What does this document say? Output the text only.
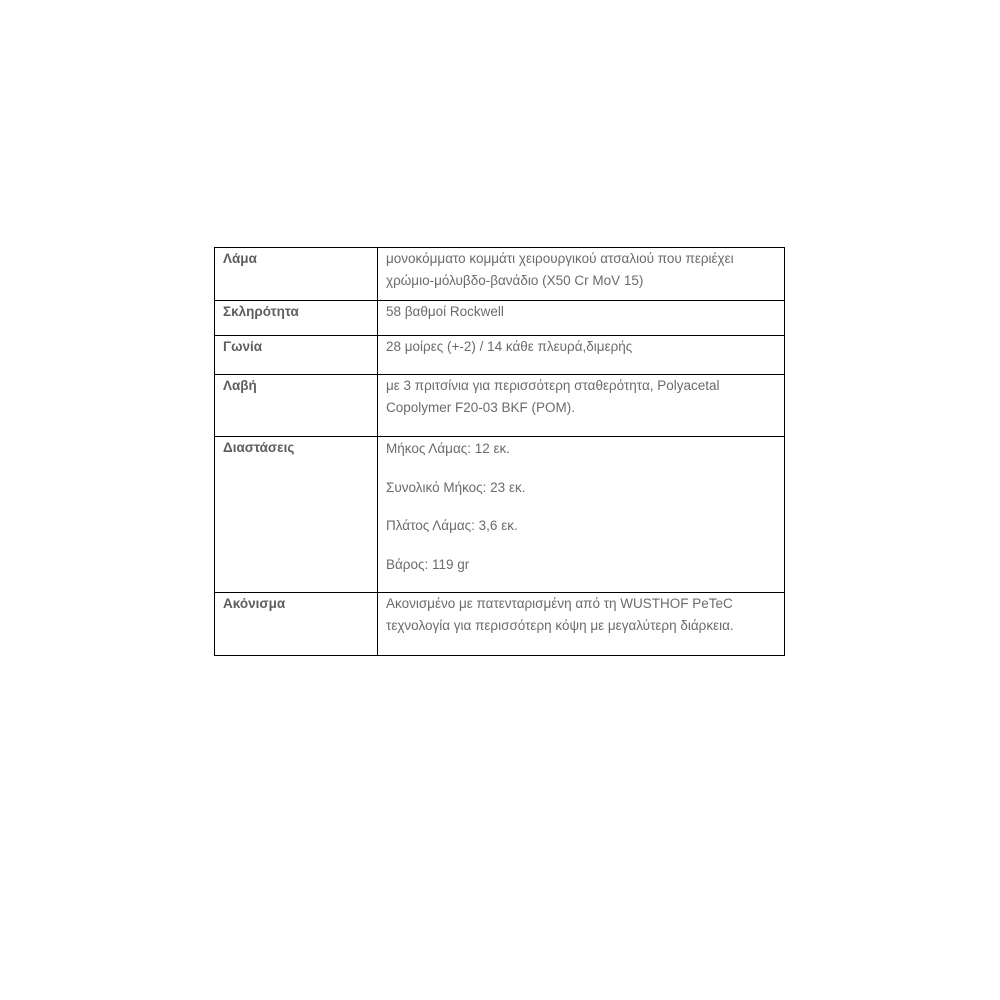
Λάμα	μονοκόμματο κομμάτι χειρουργικού ατσαλιού που περιέχει
χρώμιο-μόλυβδο-βανάδιο (X50 Cr MoV 15)

Σκληρότητα	58 βαθμοί Rockwell

Γωνία	28 μοίρες (+-2) / 14 κάθε πλευρά,διμερής

Λαβή	με 3 πριτσίνια για περισσότερη σταθερότητα, Polyacetal
Copolymer F20-03 BKF (POM).

Διαστάσεις	Μήκος Λάμας: 12 εκ.

Συνολικό Μήκος: 23 εκ.

Πλάτος Λάμας: 3,6 εκ.

Βάρος: 119 gr

Ακόνισμα	Ακονισμένο με πατενταρισμένη από τη WUSTHOF PeTeC
τεχνολογία για περισσότερη κόψη με μεγαλύτερη διάρκεια.
